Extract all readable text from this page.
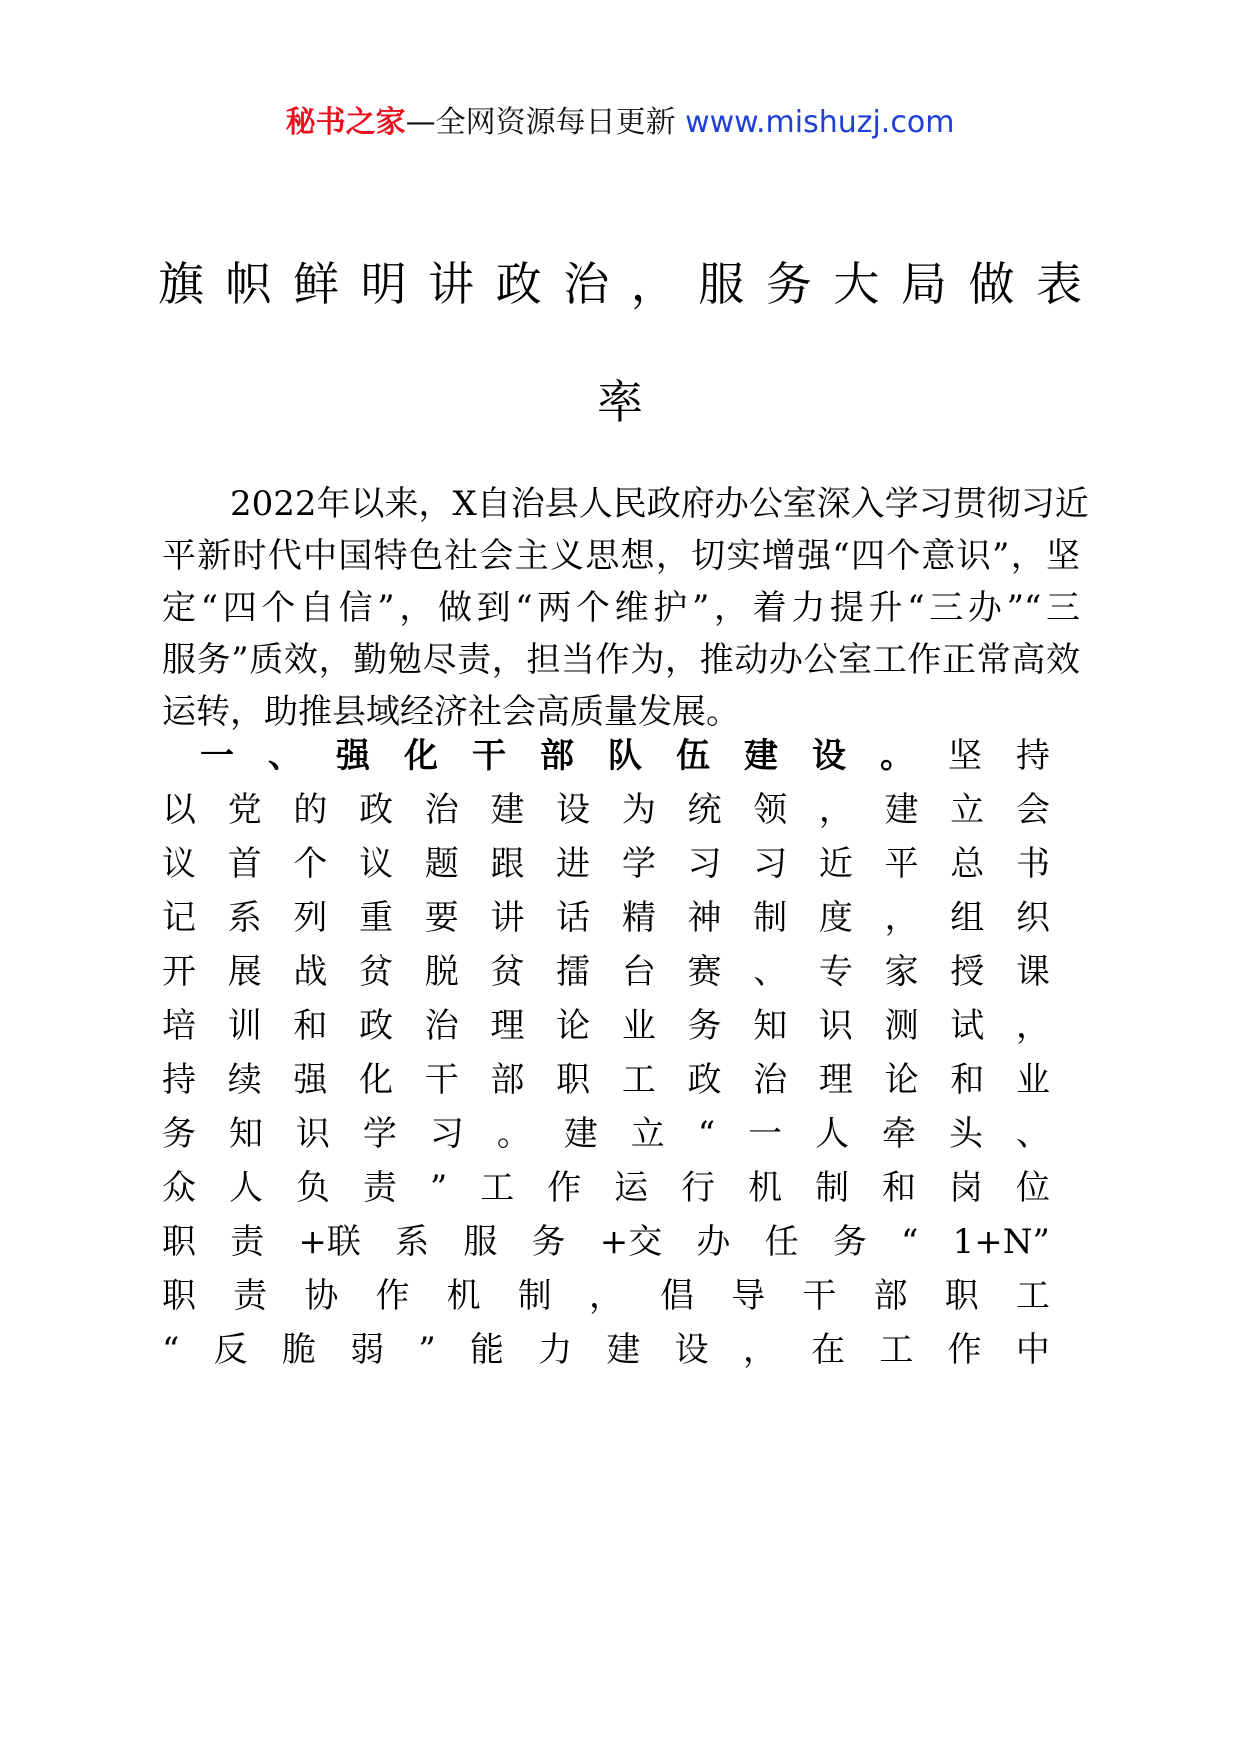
秘书之家—全网资源每日更新 www.mishuzj.com
旗帜鲜明讲政治，服务大局做表
率
2022年以来，X自治县人民政府办公室深入学习贯彻习近
平新时代中国特色社会主义思想，切实增强“四个意识”，坚
定“四个自信”，做到“两个维护”，着力提升“三办”“三
服务”质效，勤勉尽责，担当作为，推动办公室工作正常高效
运转，助推县域经济社会高质量发展。
一 、 强 化 干 部 队 伍 建 设 。 坚 持
以 党 的 政 治 建 设 为 统 领 ， 建 立 会
议 首 个 议 题 跟 进 学 习 习 近 平 总 书
记 系 列 重 要 讲 话 精 神 制 度 ， 组 织
开 展 战 贫 脱 贫 擂 台 赛 、 专 家 授 课
培 训 和 政 治 理 论 业 务 知 识 测 试 ，
持 续 强 化 干 部 职 工 政 治 理 论 和 业
务 知 识 学 习 。 建 立 “ 一 人 牵 头 、
众 人 负 责 ” 工 作 运 行 机 制 和 岗 位
职 责 +联 系 服 务 +交 办 任 务 “ 1+N”
职 责 协 作 机 制 ， 倡 导 干 部 职 工
“ 反 脆 弱 ” 能 力 建 设 ， 在 工 作 中
